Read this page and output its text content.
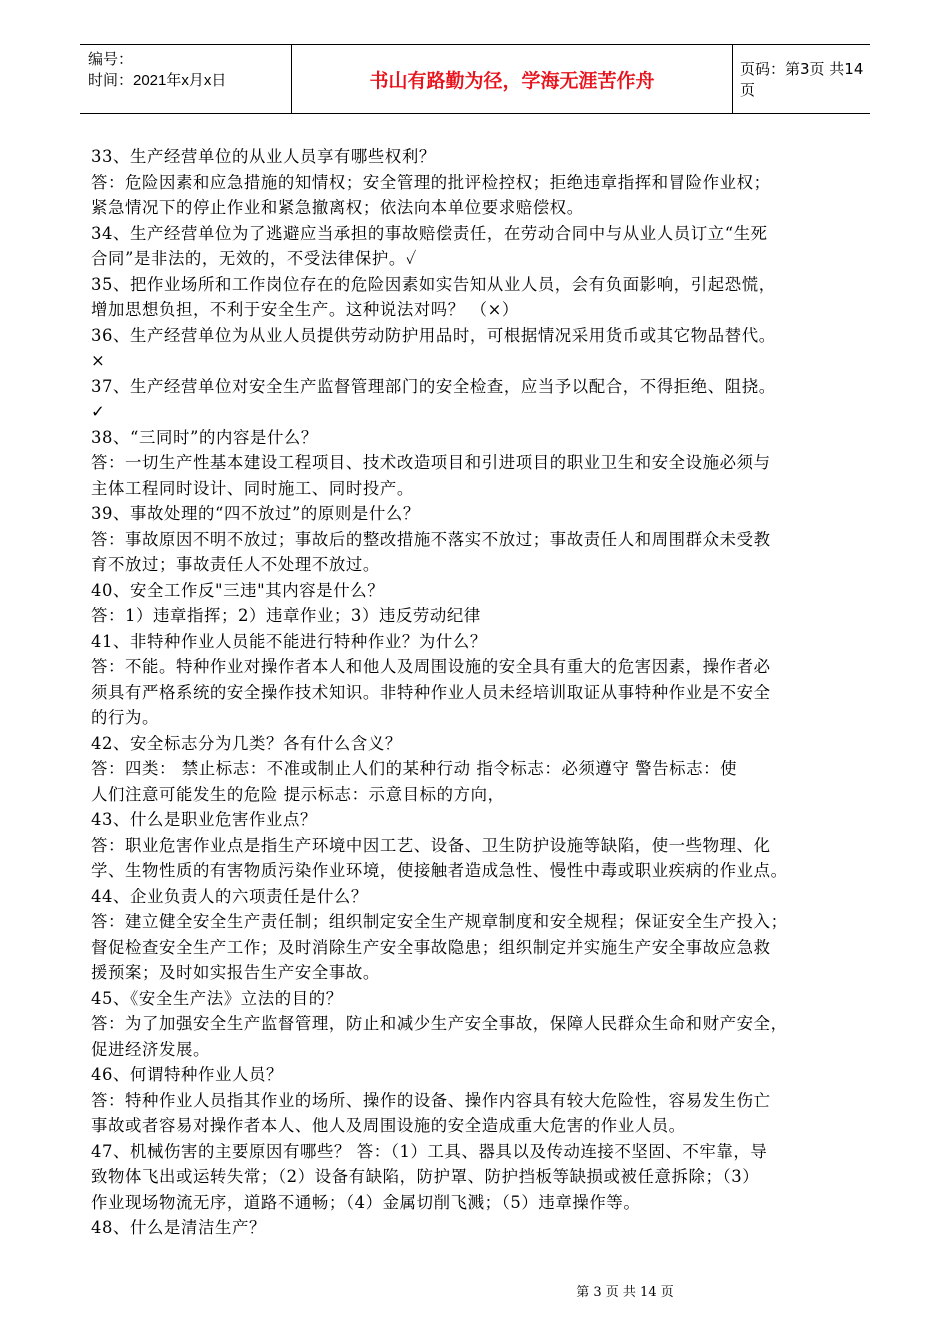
编号：
时间：2021年x月x日	书山有路勤为径，学海无涯苦作舟
页码：第3页 共14页

33、生产经营单位的从业人员享有哪些权利？

答：危险因素和应急措施的知情权；安全管理的批评检控权；拒绝违章指挥和冒险作业权；

紧急情况下的停止作业和紧急撤离权；依法向本单位要求赔偿权。

34、生产经营单位为了逃避应当承担的事故赔偿责任，在劳动合同中与从业人员订立“生死

合同”是非法的，无效的，不受法律保护。✓

35、把作业场所和工作岗位存在的危险因素如实告知从业人员，会有负面影响，引起恐慌，

增加思想负担，不利于安全生产。这种说法对吗？ （×）

36、生产经营单位为从业人员提供劳动防护用品时，可根据情况采用货币或其它物品替代。

×

37、生产经营单位对安全生产监督管理部门的安全检查，应当予以配合，不得拒绝、阻挠。

✓

38、“三同时”的内容是什么？

答：一切生产性基本建设工程项目、技术改造项目和引进项目的职业卫生和安全设施必须与

主体工程同时设计、同时施工、同时投产。

39、事故处理的“四不放过”的原则是什么？

答：事故原因不明不放过；事故后的整改措施不落实不放过；事故责任人和周围群众未受教

育不放过；事故责任人不处理不放过。

40、安全工作反"三违"其内容是什么？

答：1）违章指挥；2）违章作业；3）违反劳动纪律

41、非特种作业人员能不能进行特种作业？为什么？

答：不能。特种作业对操作者本人和他人及周围设施的安全具有重大的危害因素，操作者必

须具有严格系统的安全操作技术知识。非特种作业人员未经培训取证从事特种作业是不安全

的行为。

42、安全标志分为几类？各有什么含义？

答：四类： 禁止标志：不准或制止人们的某种行动 指令标志：必须遵守 警告标志：使

人们注意可能发生的危险 提示标志：示意目标的方向，

43、什么是职业危害作业点？

答：职业危害作业点是指生产环境中因工艺、设备、卫生防护设施等缺陷，使一些物理、化

学、生物性质的有害物质污染作业环境，使接触者造成急性、慢性中毒或职业疾病的作业点。

44、企业负责人的六项责任是什么？

答：建立健全安全生产责任制；组织制定安全生产规章制度和安全规程；保证安全生产投入；

督促检查安全生产工作；及时消除生产安全事故隐患；组织制定并实施生产安全事故应急救

援预案；及时如实报告生产安全事故。

45、《安全生产法》立法的目的？

答：为了加强安全生产监督管理，防止和减少生产安全事故，保障人民群众生命和财产安全，

促进经济发展。

46、何谓特种作业人员？

答：特种作业人员指其作业的场所、操作的设备、操作内容具有较大危险性，容易发生伤亡

事故或者容易对操作者本人、他人及周围设施的安全造成重大危害的作业人员。

47、机械伤害的主要原因有哪些？ 答：（1）工具、器具以及传动连接不坚固、不牢靠，导

致物体飞出或运转失常；（2）设备有缺陷，防护罩、防护挡板等缺损或被任意拆除；（3）

作业现场物流无序，道路不通畅；（4）金属切削飞溅；（5）违章操作等。

48、什么是清洁生产？

第 3 页 共 14 页
